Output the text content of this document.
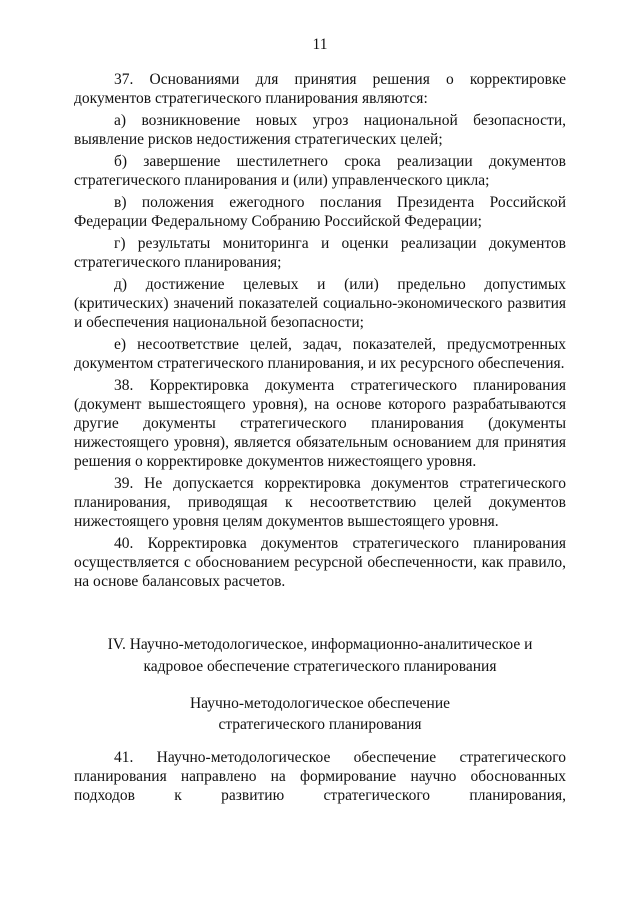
11

37. Основаниями для принятия решения о корректировке документов стратегического планирования являются:

а) возникновение новых угроз национальной безопасности, выявление рисков недостижения стратегических целей;

б) завершение шестилетнего срока реализации документов стратегического планирования и (или) управленческого цикла;

в) положения ежегодного послания Президента Российской Федерации Федеральному Собранию Российской Федерации;

г) результаты мониторинга и оценки реализации документов стратегического планирования;

д) достижение целевых и (или) предельно допустимых (критических) значений показателей социально-экономического развития и обеспечения национальной безопасности;

е) несоответствие целей, задач, показателей, предусмотренных документом стратегического планирования, и их ресурсного обеспечения.

38. Корректировка документа стратегического планирования (документ вышестоящего уровня), на основе которого разрабатываются другие документы стратегического планирования (документы нижестоящего уровня), является обязательным основанием для принятия решения о корректировке документов нижестоящего уровня.

39. Не допускается корректировка документов стратегического планирования, приводящая к несоответствию целей документов нижестоящего уровня целям документов вышестоящего уровня.

40. Корректировка документов стратегического планирования осуществляется с обоснованием ресурсной обеспеченности, как правило, на основе балансовых расчетов.

IV. Научно-методологическое, информационно-аналитическое и
кадровое обеспечение стратегического планирования
Научно-методологическое обеспечение
стратегического планирования
41. Научно-методологическое обеспечение стратегического
планирования направлено на формирование научно обоснованных
подходов к развитию стратегического планирования,
